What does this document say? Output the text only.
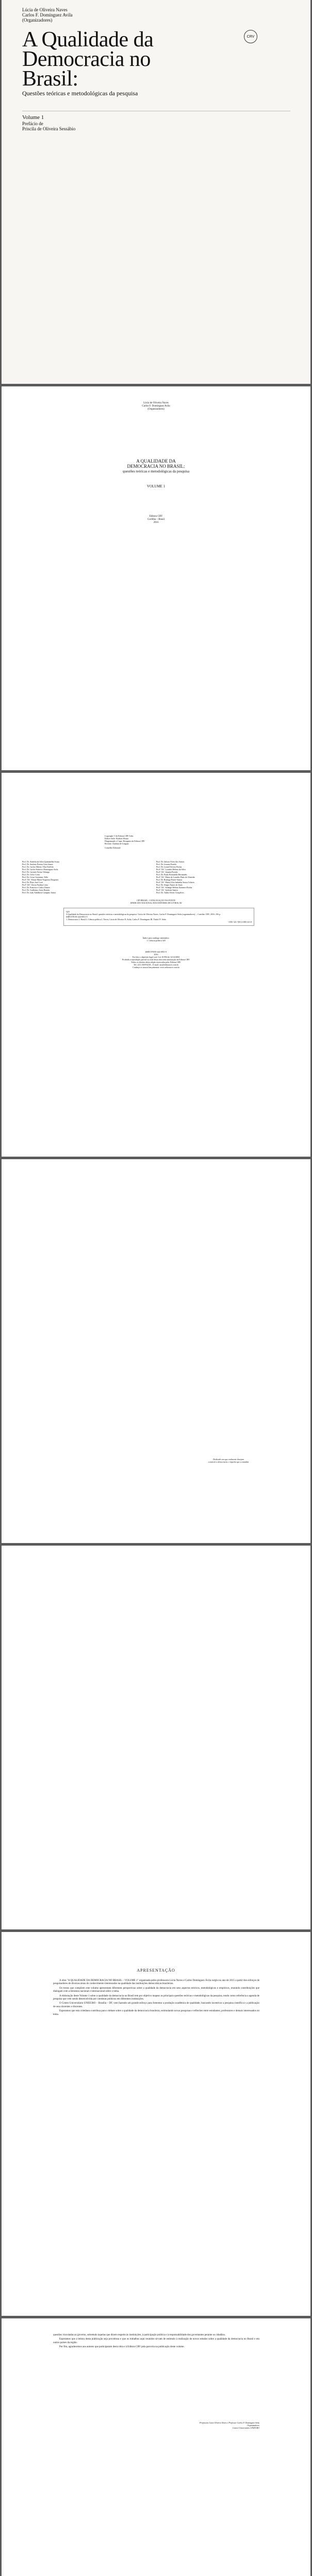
Lúcia de Oliveira Naves
Carlos F. Domínguez Avila
(Organizadores)
Prefácio de
Priscila de Oliveira Sessábio
A Qualidade da Democracia no Brasil:
Questões teóricas e metodológicas da pesquisa
Volume 1
CRV
Lúcia de Oliveira Naves
Carlos F. Domínguez Avila
(Organizadores)
A QUALIDADE DA
DEMOCRACIA NO BRASIL:
questões teóricas e metodológicas da pesquisa
VOLUME 1
Editora CRV
Curitiba – Brasil
2016
Copyright © da Editora CRV Ltda.
Editor-chefe: Railson Moura
Diagramação e Capa: Designers da Editora CRV
Revisão: Analista de Línguas
Conselho Editorial:
Prof. Dr. Andréia da Silva Quintanilha Sousa
Prof. Dr. Antônio Pereira Gaio Júnior
Prof. Dr. Carlos Alberto Vilar Estêvão
Prof. Dr. Carlos Federico Dominguez Avila
Prof. Dr. Carmen Tereza Velanga
Prof. Dr. Celso Conti
Prof. Dr. Cesar Gerónimo Tello
Profª. Drª. Elione Maria Nogueira Diogenes
Prof. Dr. Élsio José Corá
Profª. Drª. Gloria Fariñas León
Prof. Dr. Francisco Carlos Duarte
Prof. Dr. Guillermo Arias Beatón
Prof. Dr. João Adalberto Campato Junior
Prof. Dr. Jailson Alves dos Santos
Prof. Dr. Josania Portela
Prof. Dr. Leonel Severo Rocha
Profª. Drª. Lourdes Helena da Silva
Profª. Drª. Josania Portela
Prof. Dr. Paulo Romualdo Hernandes
Profª. Drª. Maria de Lourdes Pinto de Almeida
Prof. Dr. Rodrigo Pratte-Santos
Profª. Drª. Maria Lília Imbiriba Sousa Colares
Prof. Dr. Sérgio Nunes de Jesus
Profª. Drª. Solange Helena Ximenes-Rocha
Profª. Drª. Sydione Santos
Prof. Dr. Tadeu Oliver Gonçalves
CIP-BRASIL. CATALOGAÇÃO-NA-FONTE
SINDICATO NACIONAL DOS EDITORES DE LIVROS, RJ
Q23
A Qualidade da Democracia no Brasil: questões teóricas e metodológicas da pesquisa / Lúcia de Oliveira Naves, Carlos F. Domínguez Avila (organizadores). – Curitiba: CRV, 2016. 256 p.
ISBN 978-85-444-0951-9
1. Democracia 2. Brasil 3. Ciência política I. Naves, Lúcia de Oliveira II. Avila, Carlos F. Domínguez III. Título IV. Série
CDU 321.7(81) CDD 321.8
Índice para catálogo sistemático
1. Ciência política 320
ISBN 978-85-444-0951-9
2016
Foi feito o depósito legal conf. Lei 10.994 de 14/12/2004
Proibida a reprodução parcial ou total desta obra sem autorização da Editora CRV
Todos os direitos desta edição reservados pela: Editora CRV
Tel.: (41) 3039-6418 – E-mail: sac@editoracrv.com.br
Conheça os nossos lançamentos: www.editoracrv.com.br
Dedicado aos que realmente desejam
construir a democracia, e àqueles que a estudam
APRESENTAÇÃO

A obra "A QUALIDADE DA DEMOCRACIA NO BRASIL – VOLUME 1" organizada pelos professores Lúcia Naves e Carlos Domínguez Ávila surgiu no ano de 2015 a partir dos esforços de pesquisadores de diversas áreas do conhecimento interessados na qualidade das instituições democráticas brasileiras.

Os textos que compõem este volume apresentam diferentes perspectivas sobre a qualidade da democracia em seus aspectos teóricos, metodológicos e empíricos, reunindo contribuições que dialogam com a literatura nacional e internacional sobre o tema.

A elaboração deste Volume 1 sobre a qualidade da democracia no Brasil tem por objetivo mapear as principais questões teóricas e metodológicas da pesquisa, tendo como referência a agenda de pesquisa que vem sendo desenvolvida por cientistas políticos em diferentes instituições.

O Centro Universitário UNIEURO – Brasília – DF, vem fazendo um grande esforço para fomentar a produção acadêmica de qualidade, buscando incentivar a pesquisa científica e a publicação de seus docentes e discentes.

Esperamos que esta coletânea contribua para o debate sobre a qualidade da democracia brasileira, estimulando novas pesquisas e reflexões entre estudantes, professores e demais interessados no tema.

questões vinculadas ao governo, sobretudo àquelas que dizem respeito às instituições, à participação política e à responsabilidade dos governantes perante os cidadãos.

Esperamos que a leitura desta publicação seja proveitosa e que os trabalhos aqui reunidos sirvam de estímulo à realização de novos estudos sobre a qualidade da democracia no Brasil e em outros países da região.

Por fim, agradecemos aos autores que participaram desta obra e à Editora CRV pela parceria na publicação deste volume.

Professora Lúcia Oliveira Naves e Professor Carlos F. Domínguez Avila
Organizadores
Centro Universitário UNIEURO
